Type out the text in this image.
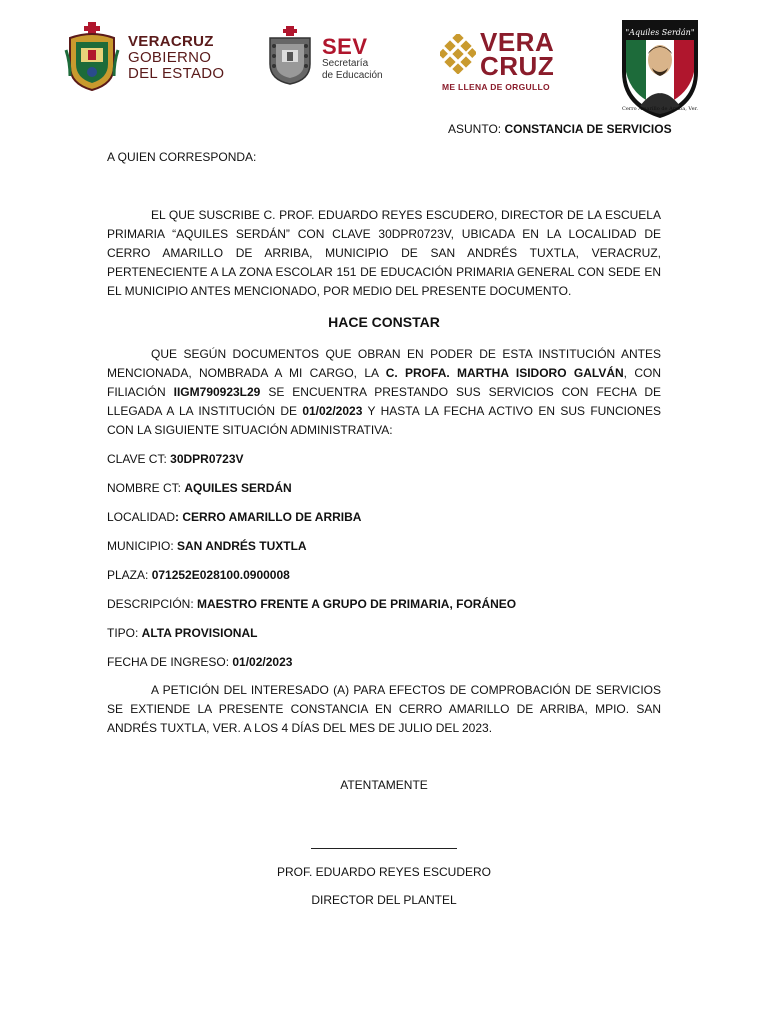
VERACRUZ
GOBIERNO
DEL ESTADO
SEV
Secretaría
de Educación
VERA
CRUZ
ME LLENA DE ORGULLO
"Aquiles Serdán"
Cerro Amarillo de Arriba, Ver.
ASUNTO: CONSTANCIA DE SERVICIOS
A QUIEN CORRESPONDA:
EL QUE SUSCRIBE C. PROF. EDUARDO REYES ESCUDERO, DIRECTOR DE LA ESCUELA PRIMARIA “AQUILES SERDÁN” CON CLAVE 30DPR0723V, UBICADA EN LA LOCALIDAD DE CERRO AMARILLO DE ARRIBA, MUNICIPIO DE SAN ANDRÉS TUXTLA, VERACRUZ, PERTENECIENTE A LA ZONA ESCOLAR 151 DE EDUCACIÓN PRIMARIA GENERAL CON SEDE EN EL MUNICIPIO ANTES MENCIONADO, POR MEDIO DEL PRESENTE DOCUMENTO.
HACE CONSTAR
QUE SEGÚN DOCUMENTOS QUE OBRAN EN PODER DE ESTA INSTITUCIÓN ANTES MENCIONADA, NOMBRADA A MI CARGO, LA C. PROFA. MARTHA ISIDORO GALVÁN, CON FILIACIÓN IIGM790923L29 SE ENCUENTRA PRESTANDO SUS SERVICIOS CON FECHA DE LLEGADA A LA INSTITUCIÓN DE 01/02/2023 Y HASTA LA FECHA ACTIVO EN SUS FUNCIONES CON LA SIGUIENTE SITUACIÓN ADMINISTRATIVA:
CLAVE CT: 30DPR0723V
NOMBRE CT: AQUILES SERDÁN
LOCALIDAD: CERRO AMARILLO DE ARRIBA
MUNICIPIO: SAN ANDRÉS TUXTLA
PLAZA: 071252E028100.0900008
DESCRIPCIÓN: MAESTRO FRENTE A GRUPO DE PRIMARIA, FORÁNEO
TIPO: ALTA PROVISIONAL
FECHA DE INGRESO: 01/02/2023
A PETICIÓN DEL INTERESADO (A) PARA EFECTOS DE COMPROBACIÓN DE SERVICIOS SE EXTIENDE LA PRESENTE CONSTANCIA EN CERRO AMARILLO DE ARRIBA, MPIO. SAN ANDRÉS TUXTLA, VER. A LOS 4 DÍAS DEL MES DE JULIO DEL 2023.
ATENTAMENTE
PROF. EDUARDO REYES ESCUDERO
DIRECTOR DEL PLANTEL
